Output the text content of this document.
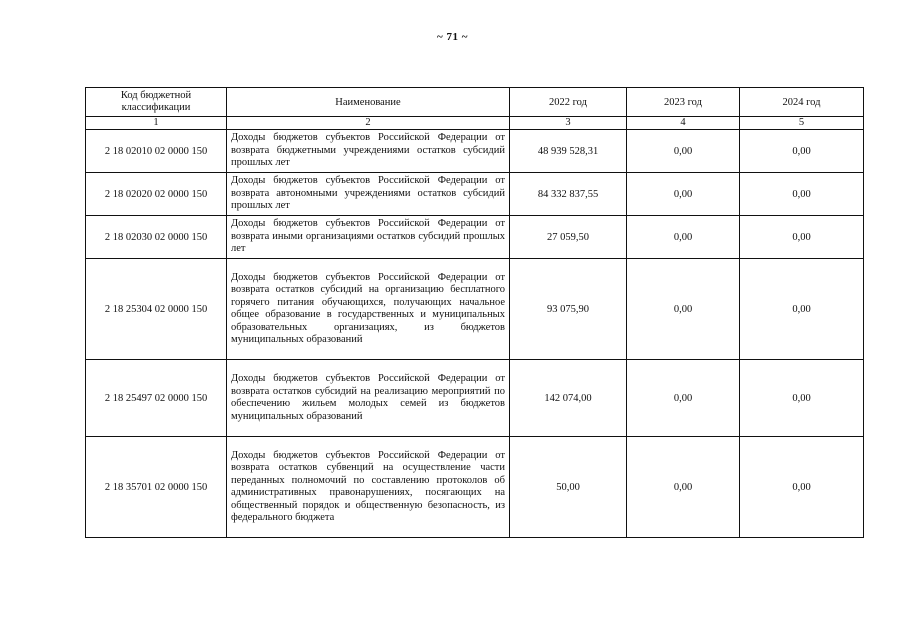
~ 71 ~
Код бюджетной классификации	Наименование	2022 год	2023 год	2024 год
1	2	3	4	5
2 18 02010 02 0000 150	Доходы бюджетов субъектов Российской Федерации от возврата бюджетными учреждениями остатков субсидий прошлых лет	48 939 528,31	0,00	0,00
2 18 02020 02 0000 150	Доходы бюджетов субъектов Российской Федерации от возврата автономными учреждениями остатков субсидий прошлых лет	84 332 837,55	0,00	0,00
2 18 02030 02 0000 150	Доходы бюджетов субъектов Российской Федерации от возврата иными организациями остатков субсидий прошлых лет	27 059,50	0,00	0,00
2 18 25304 02 0000 150	Доходы бюджетов субъектов Российской Федерации от возврата остатков субсидий на организацию бесплатного горячего питания обучающихся, получающих начальное общее образование в государственных и муниципальных образовательных организациях, из бюджетов муниципальных образований	93 075,90	0,00	0,00
2 18 25497 02 0000 150	Доходы бюджетов субъектов Российской Федерации от возврата остатков субсидий на реализацию мероприятий по обеспечению жильем молодых семей из бюджетов муниципальных образований	142 074,00	0,00	0,00
2 18 35701 02 0000 150	Доходы бюджетов субъектов Российской Федерации от возврата остатков субвенций на осуществление части переданных полномочий по составлению протоколов об административных правонарушениях, посягающих на общественный порядок и общественную безопасность, из федерального бюджета	50,00	0,00	0,00
